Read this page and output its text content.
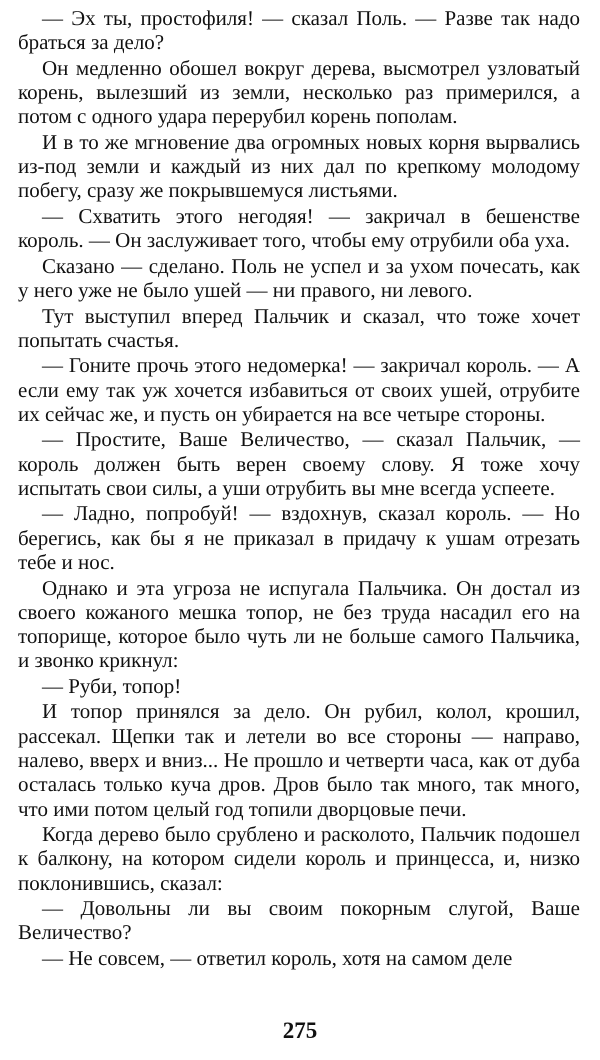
— Эх ты, простофиля! — сказал Поль. — Разве так надо браться за дело?

Он медленно обошел вокруг дерева, высмотрел узловатый корень, вылезший из земли, несколько раз примерился, а потом с одного удара перерубил корень пополам.

И в то же мгновение два огромных новых корня вырвались из-под земли и каждый из них дал по крепкому молодому побегу, сразу же покрывшемуся листьями.

— Схватить этого негодяя! — закричал в бешенстве король. — Он заслуживает того, чтобы ему отрубили оба уха.

Сказано — сделано. Поль не успел и за ухом почесать, как у него уже не было ушей — ни правого, ни левого.

Тут выступил вперед Пальчик и сказал, что тоже хочет попытать счастья.

— Гоните прочь этого недомерка! — закричал король. — А если ему так уж хочется избавиться от своих ушей, отрубите их сейчас же, и пусть он убирается на все четыре стороны.

— Простите, Ваше Величество, — сказал Пальчик, — король должен быть верен своему слову. Я тоже хочу испытать свои силы, а уши отрубить вы мне всегда успеете.

— Ладно, попробуй! — вздохнув, сказал король. — Но берегись, как бы я не приказал в придачу к ушам отрезать тебе и нос.

Однако и эта угроза не испугала Пальчика. Он достал из своего кожаного мешка топор, не без труда насадил его на топорище, которое было чуть ли не больше самого Пальчика, и звонко крикнул:

— Руби, топор!

И топор принялся за дело. Он рубил, колол, крошил, рассекал. Щепки так и летели во все стороны — направо, налево, вверх и вниз... Не прошло и четверти часа, как от дуба осталась только куча дров. Дров было так много, так много, что ими потом целый год топили дворцовые печи.

Когда дерево было срублено и расколото, Пальчик подошел к балкону, на котором сидели король и принцесса, и, низко поклонившись, сказал:

— Довольны ли вы своим покорным слугой, Ваше Величество?

— Не совсем, — ответил король, хотя на самом деле

275
